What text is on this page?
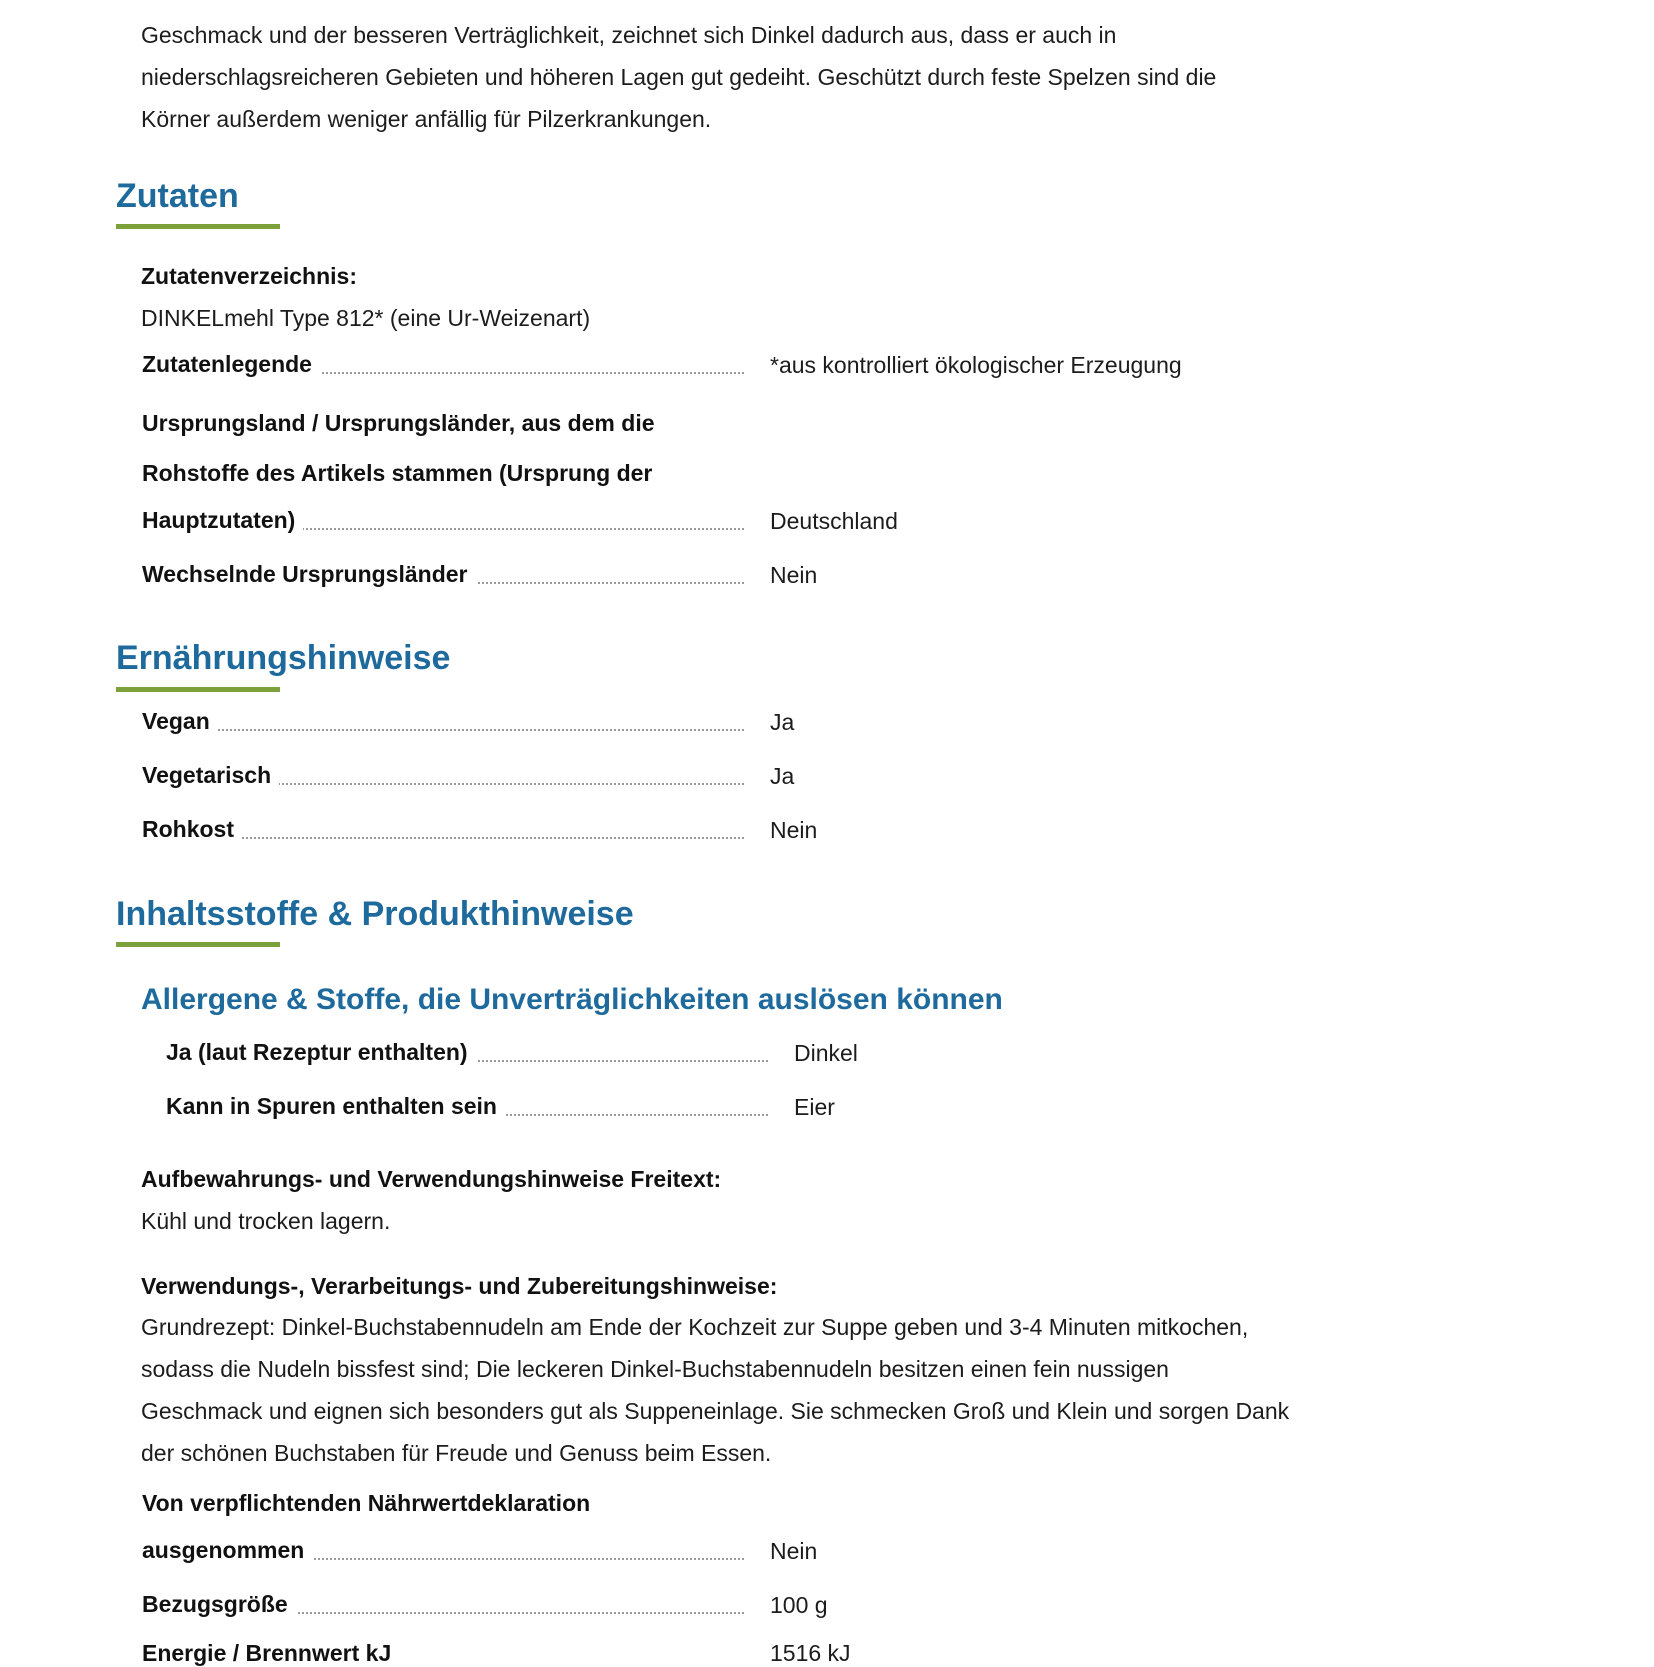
Geschmack und der besseren Verträglichkeit, zeichnet sich Dinkel dadurch aus, dass er auch in
niederschlagsreicheren Gebieten und höheren Lagen gut gedeiht. Geschützt durch feste Spelzen sind die
Körner außerdem weniger anfällig für Pilzerkrankungen.
Zutaten
Zutatenverzeichnis:
DINKELmehl Type 812* (eine Ur-Weizenart)
Zutatenlegende	*aus kontrolliert ökologischer Erzeugung
Ursprungsland / Ursprungsländer, aus dem die
Rohstoffe des Artikels stammen (Ursprung der
Hauptzutaten)	Deutschland
Wechselnde Ursprungsländer	Nein
Ernährungshinweise
Vegan	Ja
Vegetarisch	Ja
Rohkost	Nein
Inhaltsstoffe & Produkthinweise
Allergene & Stoffe, die Unverträglichkeiten auslösen können
Ja (laut Rezeptur enthalten)	Dinkel
Kann in Spuren enthalten sein	Eier
Aufbewahrungs- und Verwendungshinweise Freitext:
Kühl und trocken lagern.
Verwendungs-, Verarbeitungs- und Zubereitungshinweise:
Grundrezept: Dinkel-Buchstabennudeln am Ende der Kochzeit zur Suppe geben und 3-4 Minuten mitkochen,
sodass die Nudeln bissfest sind; Die leckeren Dinkel-Buchstabennudeln besitzen einen fein nussigen
Geschmack und eignen sich besonders gut als Suppeneinlage. Sie schmecken Groß und Klein und sorgen Dank
der schönen Buchstaben für Freude und Genuss beim Essen.
Von verpflichtenden Nährwertdeklaration
ausgenommen	Nein
Bezugsgröße	100 g
Energie / Brennwert kJ	1516 kJ
